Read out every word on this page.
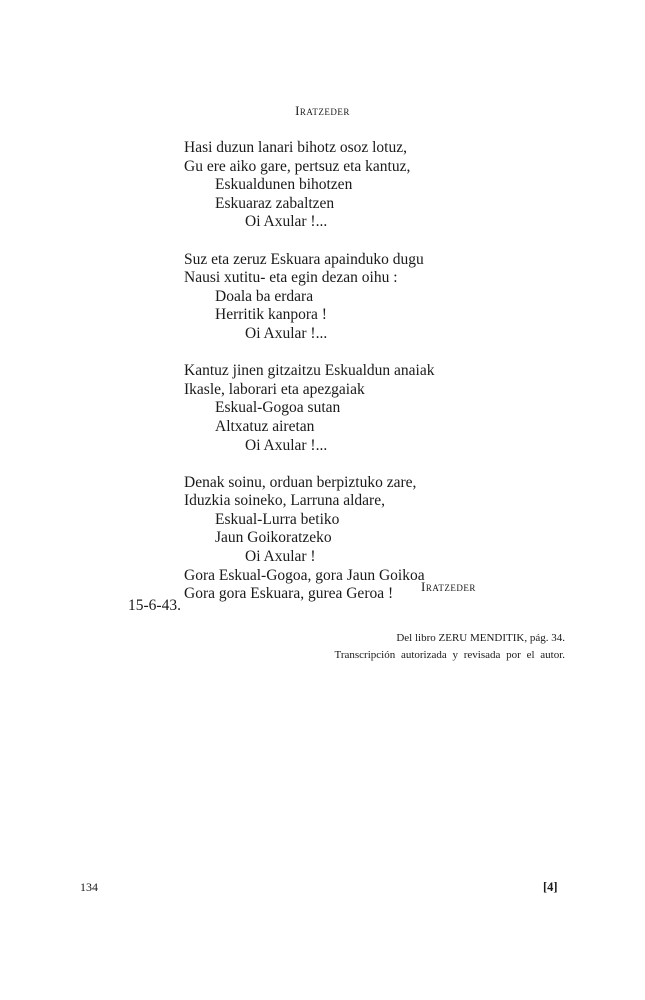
Iratzeder
Hasi duzun lanari bihotz osoz lotuz,
Gu ere aiko gare, pertsuz eta kantuz,
Eskualdunen bihotzen
Eskuaraz zabaltzen
Oi Axular !...
Suz eta zeruz Eskuara apainduko dugu
Nausi xutitu- eta egin dezan oihu :
Doala ba erdara
Herritik kanpora !
Oi Axular !...
Kantuz jinen gitzaitzu Eskualdun anaiak
Ikasle, laborari eta apezgaiak
Eskual-Gogoa sutan
Altxatuz airetan
Oi Axular !...
Denak soinu, orduan berpiztuko zare,
Iduzkia soineko, Larruna aldare,
Eskual-Lurra betiko
Jaun Goikoratzeko
Oi Axular !
Gora Eskual-Gogoa, gora Jaun Goikoa
Gora gora Eskuara, gurea Geroa !	Iratzeder
15-6-43.
Del libro ZERU MENDITIK, pág. 34.
Transcripción autorizada y revisada por el autor.
134	[4]
